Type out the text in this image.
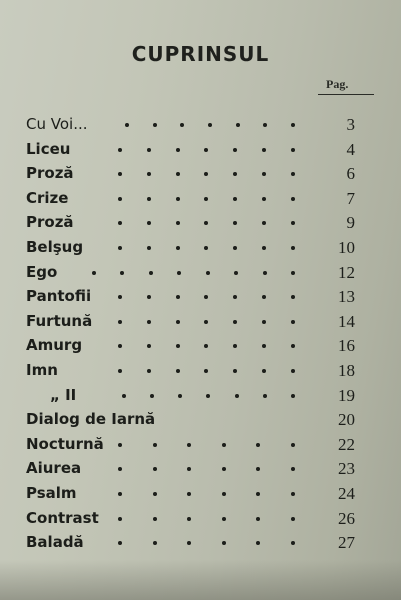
CUPRINSUL
Pag.
Cu Voi...	3
Liceu	4
Proză	6
Crize	7
Proză	9
Belşug	10
Ego	12
Pantofii	13
Furtună	14
Amurg	16
Imn	18
„ II	19
Dialog de Iarnă	20
Nocturnă	22
Aiurea	23
Psalm	24
Contrast	26
Baladă	27
